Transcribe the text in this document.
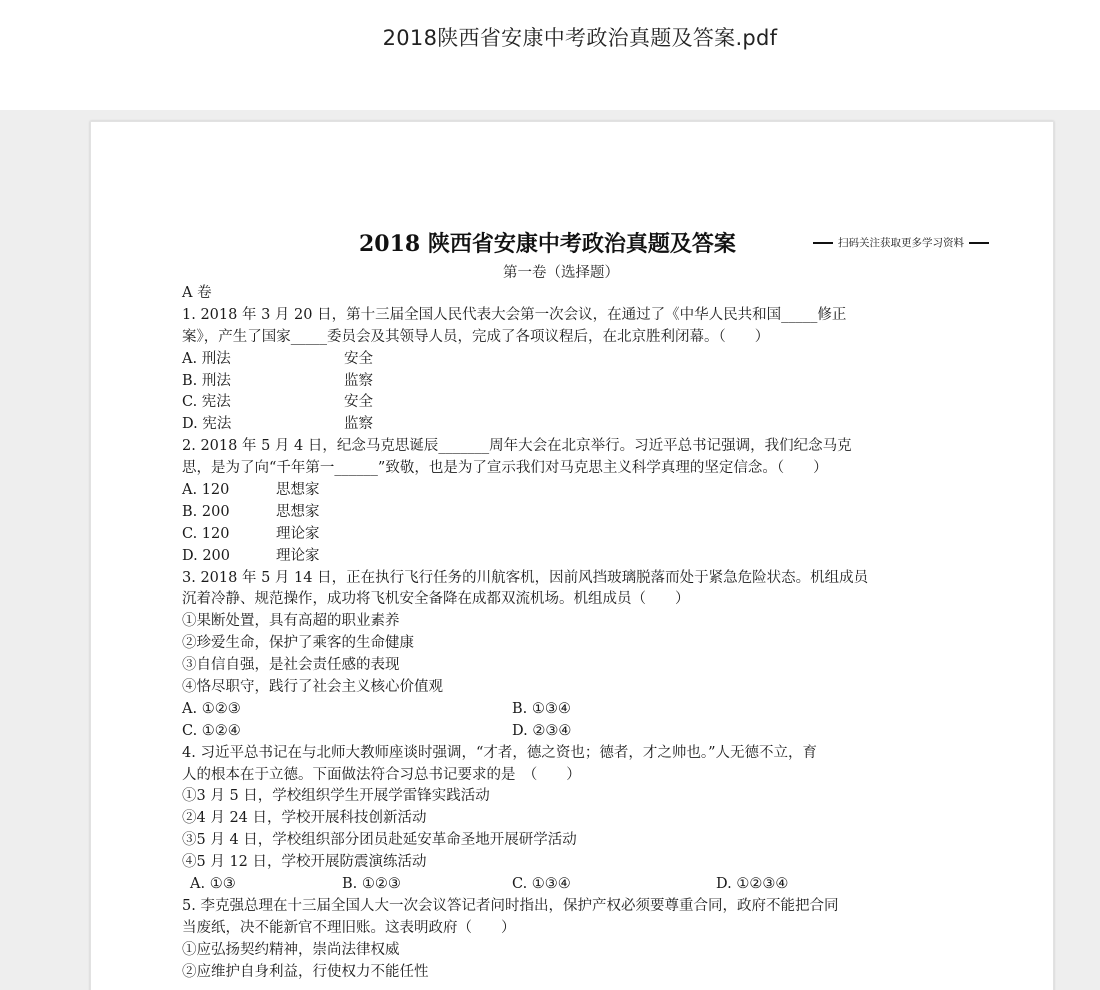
2018陕西省安康中考政治真题及答案.pdf
2018 陕西省安康中考政治真题及答案	扫码关注获取更多学习资料
第一卷（选择题）
A 卷
1. 2018 年 3 月 20 日，第十三届全国人民代表大会第一次会议，在通过了《中华人民共和国_____修正
案》，产生了国家_____委员会及其领导人员，完成了各项议程后，在北京胜利闭幕。（　　）
A. 刑法	安全
B. 刑法	监察
C. 宪法	安全
D. 宪法	监察
2. 2018 年 5 月 4 日，纪念马克思诞辰_______周年大会在北京举行。习近平总书记强调，我们纪念马克
思，是为了向“千年第一______”致敬，也是为了宣示我们对马克思主义科学真理的坚定信念。（　　）
A. 120	思想家
B. 200	思想家
C. 120	理论家
D. 200	理论家
3. 2018 年 5 月 14 日，正在执行飞行任务的川航客机，因前风挡玻璃脱落而处于紧急危险状态。机组成员
沉着冷静、规范操作，成功将飞机安全备降在成都双流机场。机组成员（　　）
①果断处置，具有高超的职业素养
②珍爱生命，保护了乘客的生命健康
③自信自强，是社会责任感的表现
④恪尽职守，践行了社会主义核心价值观
A. ①②③	B. ①③④
C. ①②④	D. ②③④
4. 习近平总书记在与北师大教师座谈时强调，“才者，德之资也；德者，才之帅也。”人无德不立，育
人的根本在于立德。下面做法符合习总书记要求的是　（　　）
①3 月 5 日，学校组织学生开展学雷锋实践活动
②4 月 24 日，学校开展科技创新活动
③5 月 4 日，学校组织部分团员赴延安革命圣地开展研学活动
④5 月 12 日，学校开展防震演练活动
A. ①③	B. ①②③	C. ①③④	D. ①②③④
5. 李克强总理在十三届全国人大一次会议答记者问时指出，保护产权必须要尊重合同，政府不能把合同
当废纸，决不能新官不理旧账。这表明政府（　　）
①应弘扬契约精神，崇尚法律权威
②应维护自身利益，行使权力不能任性
